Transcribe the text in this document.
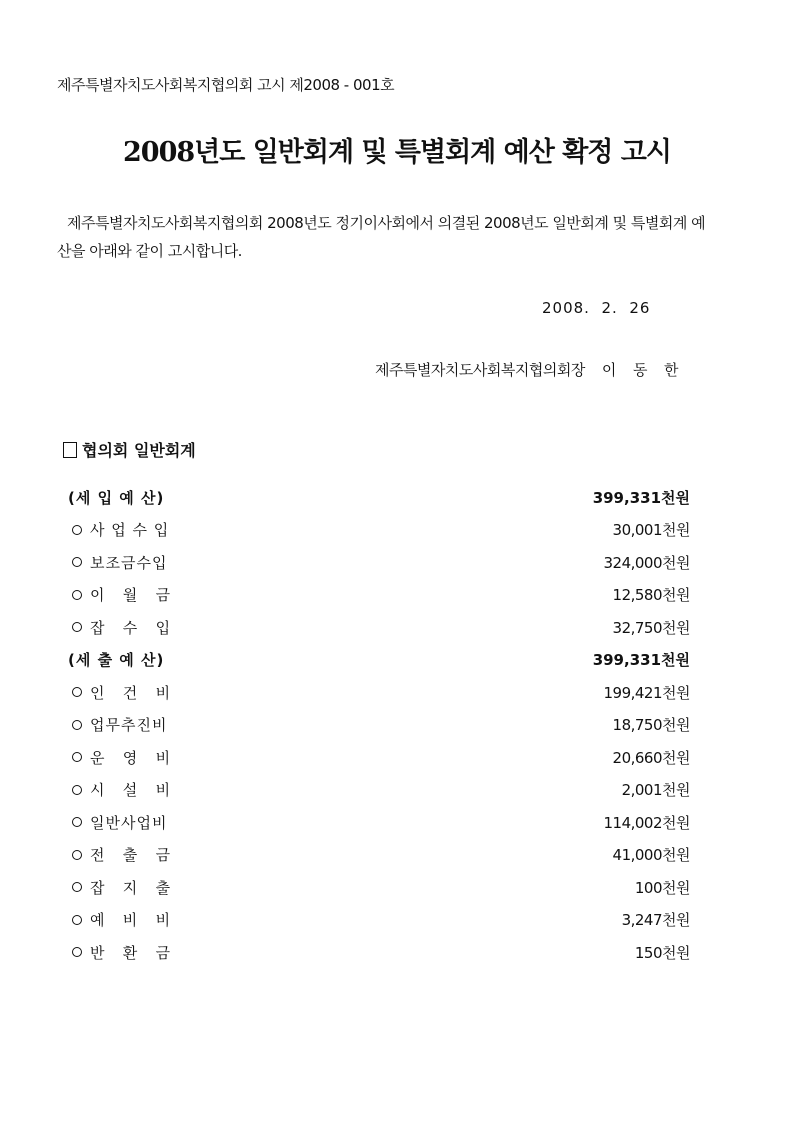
제주특별자치도사회복지협의회 고시 제2008 - 001호
2008년도 일반회계 및 특별회계 예산 확정 고시
제주특별자치도사회복지협의회 2008년도 정기이사회에서 의결된 2008년도 일반회계 및 특별회계 예산을 아래와 같이 고시합니다.
2008.  2.  26
제주특별자치도사회복지협의회장    이    동    한
협의회 일반회계
(세 입 예 산)	399,331천원
사 업 수 입	30,001천원
보조금수입	324,000천원
이   월   금	12,580천원
잡   수   입	32,750천원
(세 출 예 산)	399,331천원
인   건   비	199,421천원
업무추진비	18,750천원
운   영   비	20,660천원
시   설   비	2,001천원
일반사업비	114,002천원
전   출   금	41,000천원
잡   지   출	100천원
예   비   비	3,247천원
반   환   금	150천원
